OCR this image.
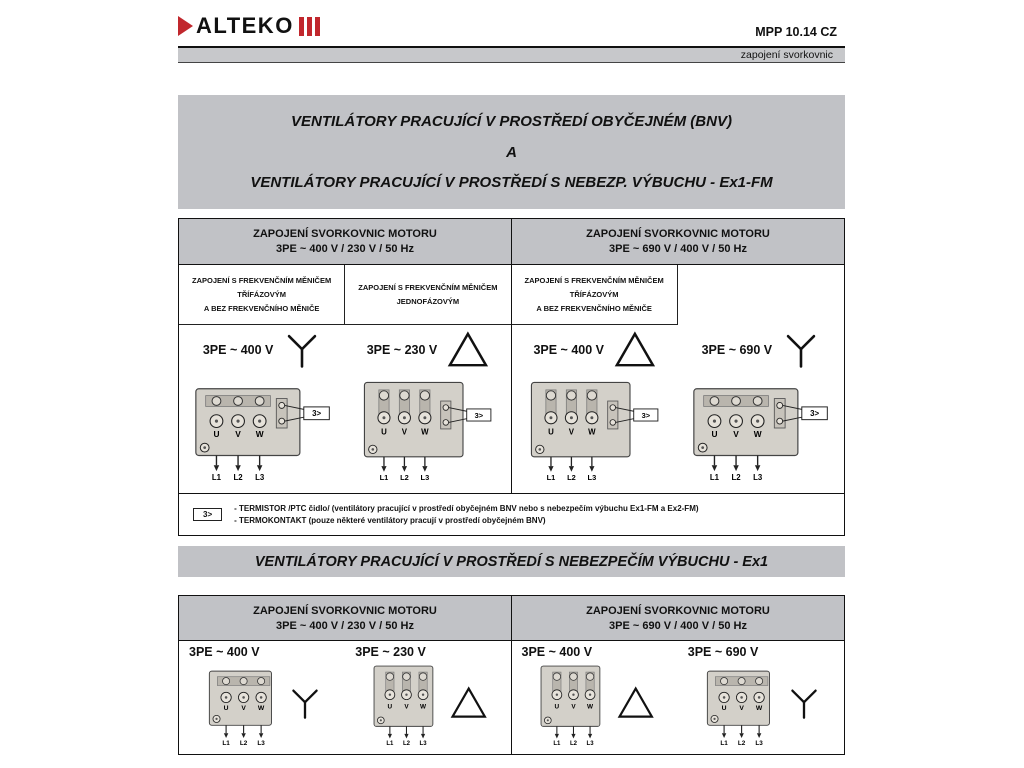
ALTEKO	MPP 10.14 CZ
zapojení svorkovnic
VENTILÁTORY PRACUJÍCÍ V PROSTŘEDÍ OBYČEJNÉM (BNV)
A
VENTILÁTORY PRACUJÍCÍ V PROSTŘEDÍ S NEBEZP. VÝBUCHU - Ex1-FM
ZAPOJENÍ SVORKOVNIC MOTORU
3PE ~ 400 V / 230 V / 50 Hz
ZAPOJENÍ SVORKOVNIC MOTORU
3PE ~ 690 V / 400 V / 50 Hz
ZAPOJENÍ S FREKVENČNÍM MĚNIČEM
TŘÍFÁZOVÝM
A BEZ FREKVENČNÍHO MĚNIČE
3PE ~ 400 V
U V W
3>
L1 L2 L3
ZAPOJENÍ S FREKVENČNÍM MĚNIČEM
JEDNOFÁZOVÝM
3PE ~ 230 V
U V W
3>
L1 L2 L3
ZAPOJENÍ S FREKVENČNÍM MĚNIČEM
TŘÍFÁZOVÝM
A BEZ FREKVENČNÍHO MĚNIČE
3PE ~ 400 V
U V W
3>
L1 L2 L3
3PE ~ 690 V
U V W
3>
L1 L2 L3
3>
- TERMISTOR /PTC čidlo/ (ventilátory pracující v prostředí obyčejném BNV nebo s nebezpečím výbuchu Ex1-FM a Ex2-FM)
- TERMOKONTAKT (pouze některé ventilátory pracují v prostředí obyčejném BNV)
VENTILÁTORY PRACUJÍCÍ V PROSTŘEDÍ S NEBEZPEČÍM VÝBUCHU - Ex1
ZAPOJENÍ SVORKOVNIC MOTORU
3PE ~ 400 V / 230 V / 50 Hz
ZAPOJENÍ SVORKOVNIC MOTORU
3PE ~ 690 V / 400 V / 50 Hz
3PE ~ 400 V
U V W
L1 L2 L3
3PE ~ 230 V
U V W
L1 L2 L3
3PE ~ 400 V
U V W
L1 L2 L3
3PE ~ 690 V
U V W
L1 L2 L3
